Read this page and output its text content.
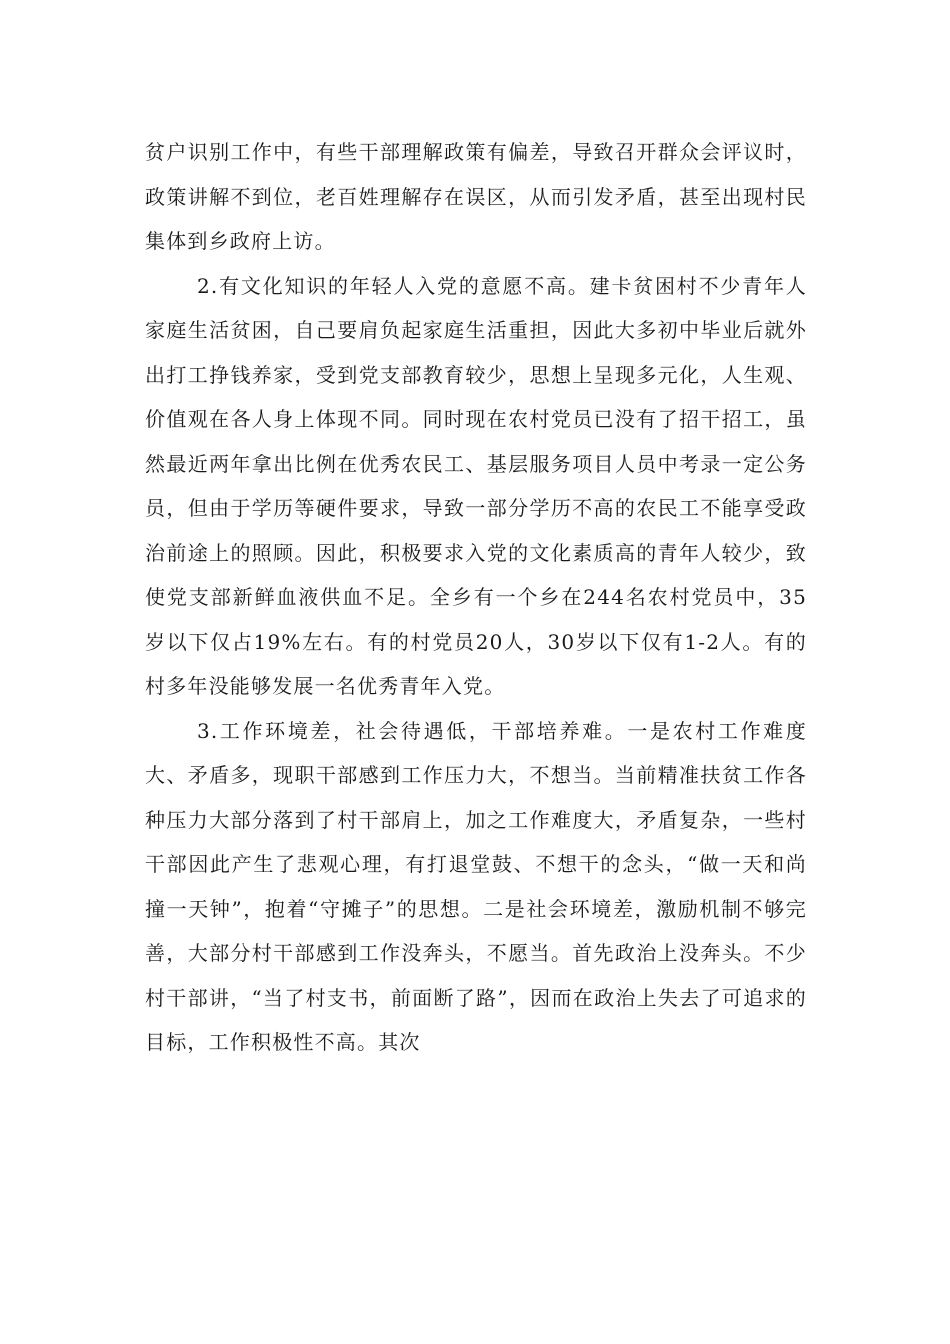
贫户识别工作中，有些干部理解政策有偏差，导致召开群众会评议时，政策讲解不到位，老百姓理解存在误区，从而引发矛盾，甚至出现村民集体到乡政府上访。

2.有文化知识的年轻人入党的意愿不高。建卡贫困村不少青年人家庭生活贫困，自己要肩负起家庭生活重担，因此大多初中毕业后就外出打工挣钱养家，受到党支部教育较少，思想上呈现多元化，人生观、价值观在各人身上体现不同。同时现在农村党员已没有了招干招工，虽然最近两年拿出比例在优秀农民工、基层服务项目人员中考录一定公务员，但由于学历等硬件要求，导致一部分学历不高的农民工不能享受政治前途上的照顾。因此，积极要求入党的文化素质高的青年人较少，致使党支部新鲜血液供血不足。全乡有一个乡在244名农村党员中，35岁以下仅占19%左右。有的村党员20人，30岁以下仅有1-2人。有的村多年没能够发展一名优秀青年入党。

3.工作环境差，社会待遇低，干部培养难。一是农村工作难度大、矛盾多，现职干部感到工作压力大，不想当。当前精准扶贫工作各种压力大部分落到了村干部肩上，加之工作难度大，矛盾复杂，一些村干部因此产生了悲观心理，有打退堂鼓、不想干的念头，“做一天和尚撞一天钟”，抱着“守摊子”的思想。二是社会环境差，激励机制不够完善，大部分村干部感到工作没奔头，不愿当。首先政治上没奔头。不少村干部讲，“当了村支书，前面断了路”，因而在政治上失去了可追求的目标，工作积极性不高。其次
